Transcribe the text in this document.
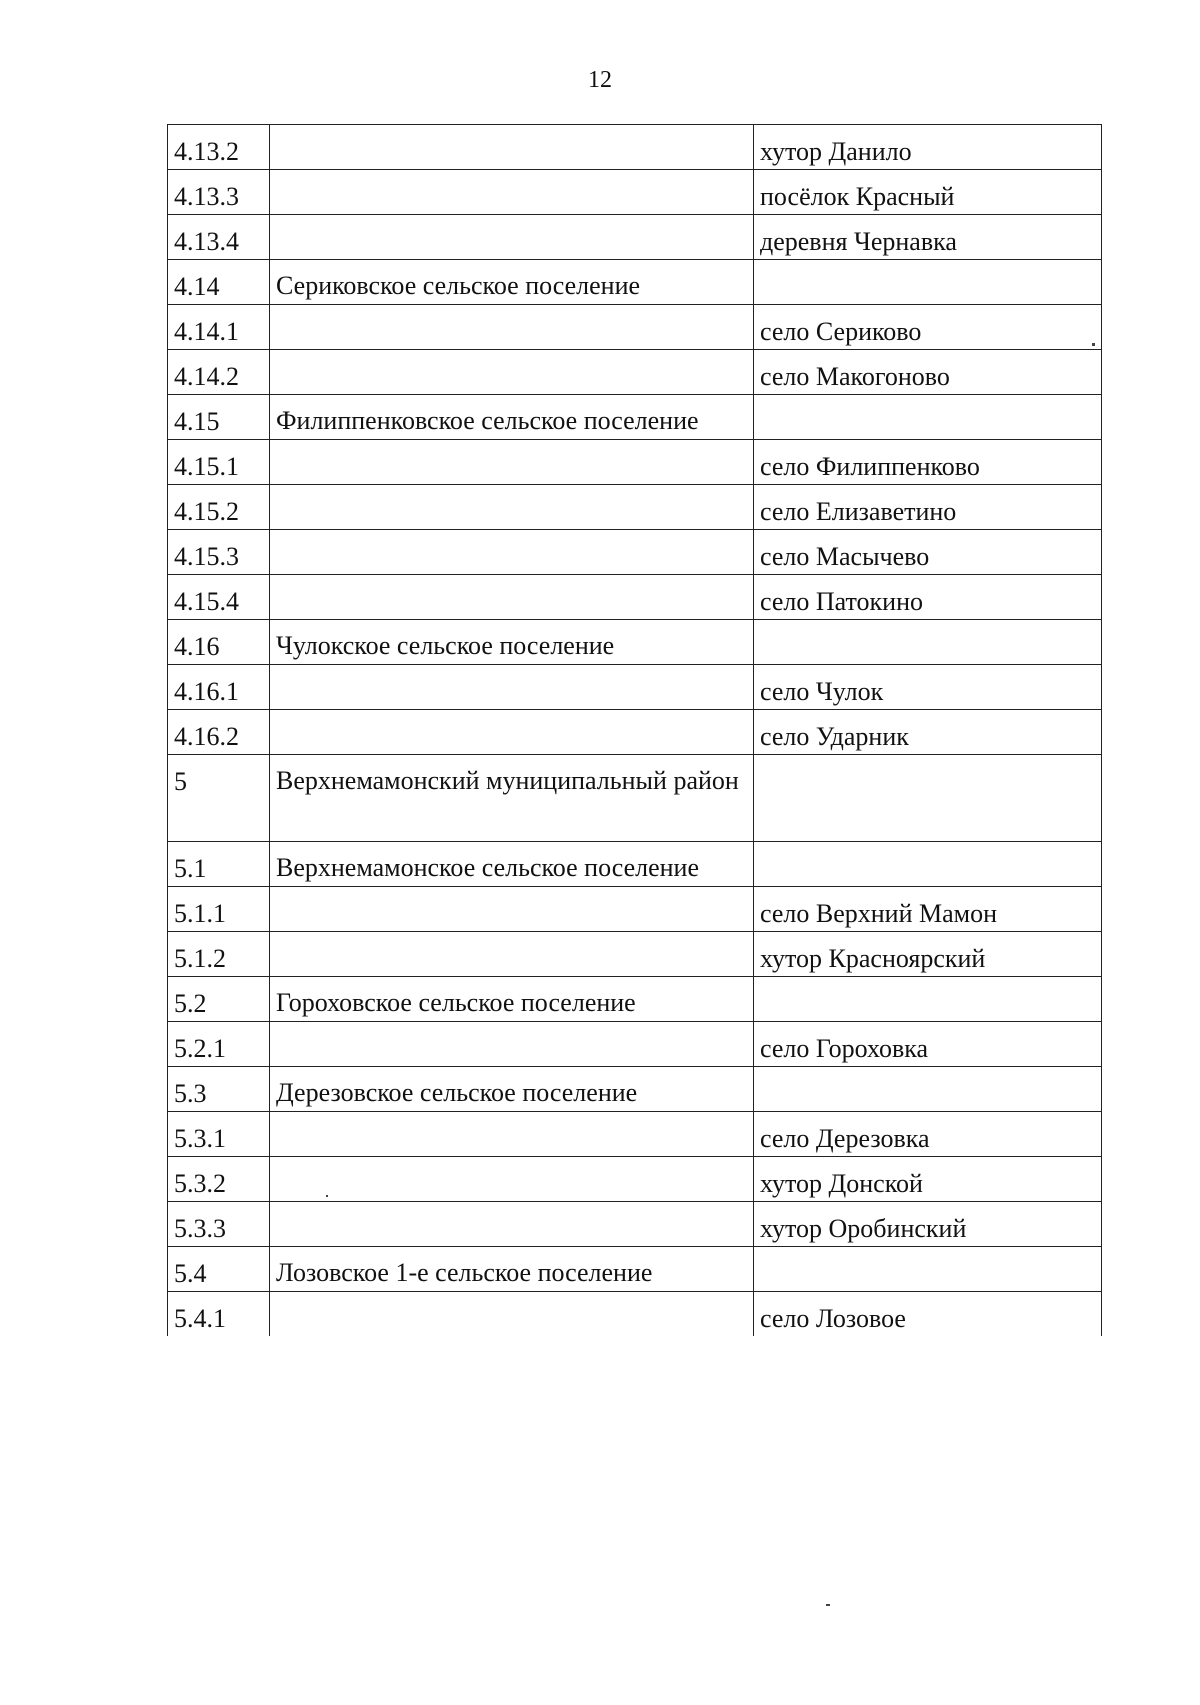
12
4.13.2		хутор Данило
4.13.3		посёлок Красный
4.13.4		деревня Чернавка
4.14	Сериковское сельское поселение	
4.14.1		село Сериково
4.14.2		село Макогоново
4.15	Филиппенковское сельское поселение	
4.15.1		село Филиппенково
4.15.2		село Елизаветино
4.15.3		село Масычево
4.15.4		село Патокино
4.16	Чулокское сельское поселение	
4.16.1		село Чулок
4.16.2		село Ударник
5	Верхнемамонский муниципальный район	
5.1	Верхнемамонское сельское поселение	
5.1.1		село Верхний Мамон
5.1.2		хутор Красноярский
5.2	Гороховское сельское поселение	
5.2.1		село Гороховка
5.3	Дерезовское сельское поселение	
5.3.1		село Дерезовка
5.3.2		хутор Донской
5.3.3		хутор Оробинский
5.4	Лозовское 1-е сельское поселение	
5.4.1		село Лозовое
